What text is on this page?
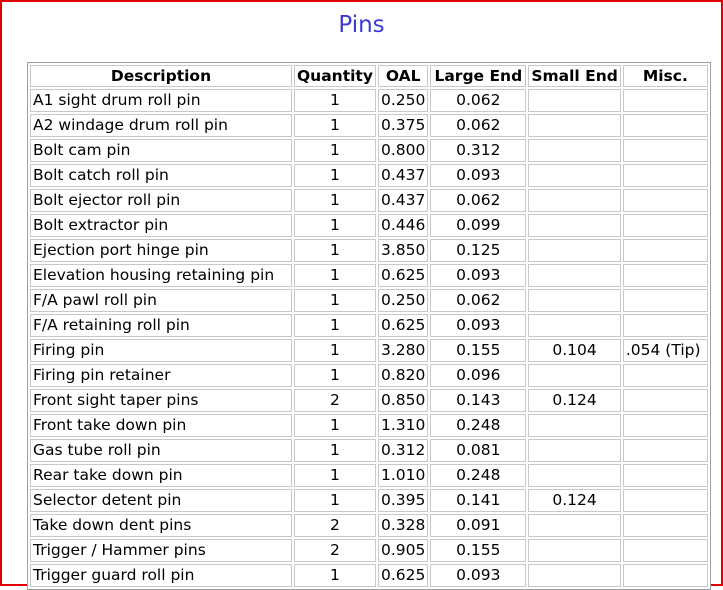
Pins
Description	Quantity	OAL	Large End	Small End	Misc.
A1 sight drum roll pin	1	0.250	0.062		
A2 windage drum roll pin	1	0.375	0.062		
Bolt cam pin	1	0.800	0.312		
Bolt catch roll pin	1	0.437	0.093		
Bolt ejector roll pin	1	0.437	0.062		
Bolt extractor pin	1	0.446	0.099		
Ejection port hinge pin	1	3.850	0.125		
Elevation housing retaining pin	1	0.625	0.093		
F/A pawl roll pin	1	0.250	0.062		
F/A retaining roll pin	1	0.625	0.093		
Firing pin	1	3.280	0.155	0.104	.054 (Tip)
Firing pin retainer	1	0.820	0.096		
Front sight taper pins	2	0.850	0.143	0.124	
Front take down pin	1	1.310	0.248		
Gas tube roll pin	1	0.312	0.081		
Rear take down pin	1	1.010	0.248		
Selector detent pin	1	0.395	0.141	0.124	
Take down dent pins	2	0.328	0.091		
Trigger / Hammer pins	2	0.905	0.155		
Trigger guard roll pin	1	0.625	0.093		
